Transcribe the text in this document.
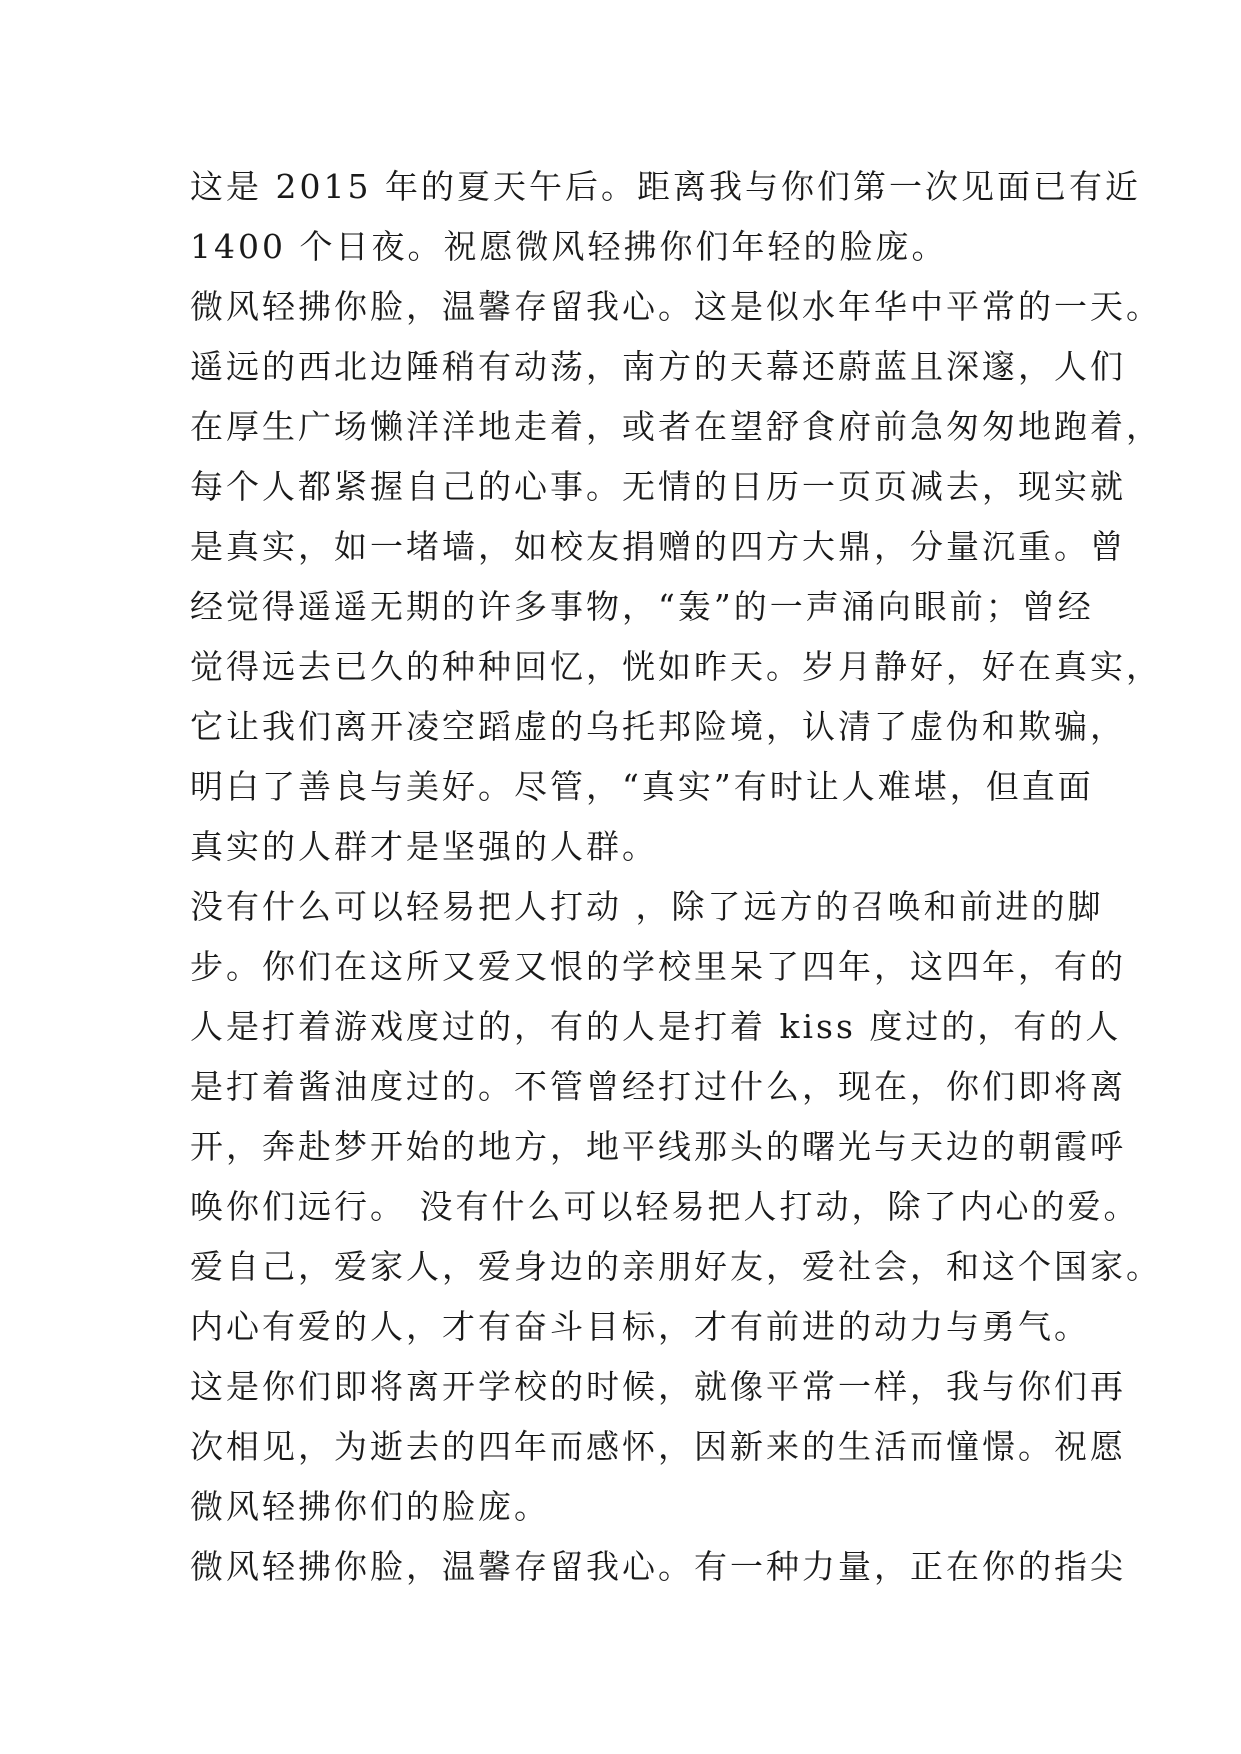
这是 2015 年的夏天午后。距离我与你们第一次见面已有近
1400 个日夜。祝愿微风轻拂你们年轻的脸庞。
微风轻拂你脸，温馨存留我心。这是似水年华中平常的一天。
遥远的西北边陲稍有动荡，南方的天幕还蔚蓝且深邃，人们
在厚生广场懒洋洋地走着，或者在望舒食府前急匆匆地跑着，
每个人都紧握自己的心事。无情的日历一页页减去，现实就
是真实，如一堵墙，如校友捐赠的四方大鼎，分量沉重。曾
经觉得遥遥无期的许多事物，“轰”的一声涌向眼前；曾经
觉得远去已久的种种回忆，恍如昨天。岁月静好，好在真实，
它让我们离开凌空蹈虚的乌托邦险境，认清了虚伪和欺骗，
明白了善良与美好。尽管，“真实”有时让人难堪，但直面
真实的人群才是坚强的人群。
没有什么可以轻易把人打动 ，除了远方的召唤和前进的脚
步。你们在这所又爱又恨的学校里呆了四年，这四年，有的
人是打着游戏度过的，有的人是打着 kiss 度过的，有的人
是打着酱油度过的。不管曾经打过什么，现在，你们即将离
开，奔赴梦开始的地方，地平线那头的曙光与天边的朝霞呼
唤你们远行。 没有什么可以轻易把人打动，除了内心的爱。
爱自己，爱家人，爱身边的亲朋好友，爱社会，和这个国家。
内心有爱的人，才有奋斗目标，才有前进的动力与勇气。
这是你们即将离开学校的时候，就像平常一样，我与你们再
次相见，为逝去的四年而感怀，因新来的生活而憧憬。祝愿
微风轻拂你们的脸庞。
微风轻拂你脸，温馨存留我心。有一种力量，正在你的指尖
